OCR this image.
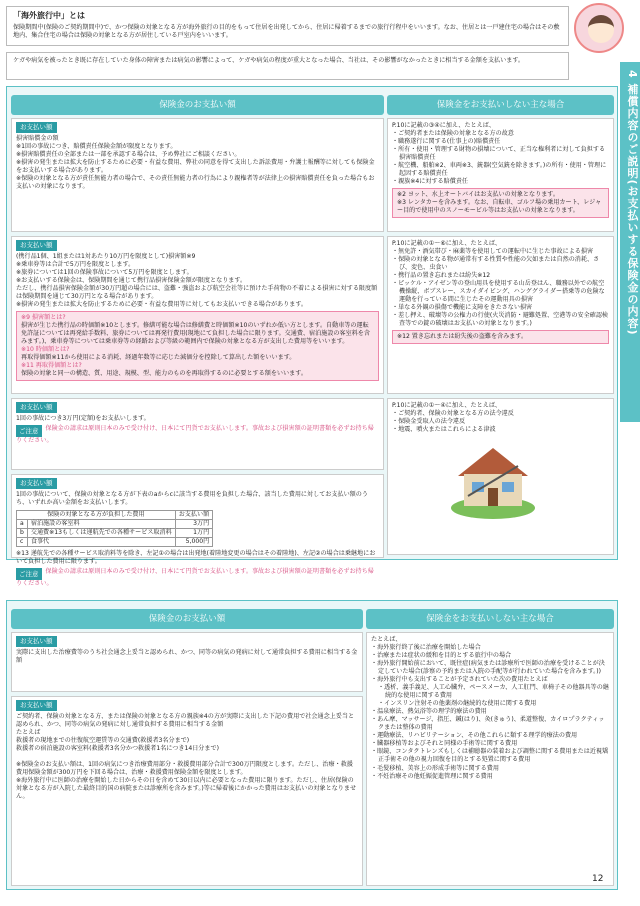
「海外旅行中」とは
保険期間中(保険のご契約期間中)で、かつ保険の対象となる方が海外旅行の目的をもって住居を出発してから、住居に帰着するまでの旅行行程中をいいます。なお、住居とは一戸建住宅の場合はその敷地内、集合住宅の場合は保険の対象となる方が居住している戸室内をいいます。
ケガや病気を被ったとき既に存在していた身体の障害または病気の影響によって、ケガや病気の程度が重大となった場合、当社は、その影響がなかったときに相当する金額を支払います。
4 補償内容のご説明(お支払いする保険金の内容)
保険金のお支払い額	保険金をお支払いしない主な場合
お支払い額
損害賠償金の額
※1回の事故につき、賠償責任保険金額が限度となります。
※損害賠償責任の全部または一部を承認する場合は、予め弊社にご相談ください。
※損害の発生または拡大を防止するために必要・有益な費用、弊社の同意を得て支出した訴訟費用・弁護士報酬等に対しても保険金をお支払いする場合があります。
※保険の対象となる方が責任無能力者の場合で、その責任無能力者の行為により親権者等が法律上の損害賠償責任を負った場合もお支払いの対象になります。
P.10に記載の③④に加え、たとえば、
・ご契約者または保険の対象となる方の故意
・職務遂行に関する(仕事上の)賠償責任
・所有・使用・管理する財物の損壊について、正当な権利者に対して負担する損害賠償責任
・航空機、船舶※2、車両※3、銃器(空気銃を除きます。)の所有・使用・管理に起因する賠償責任
・親族※4に対する賠償責任
※2 ヨット、水上オートバイはお支払いの対象となります。
※3 レンタカーを含みます。なお、自転車、ゴルフ場の乗用カート、レジャー目的で使用中のスノーモービル等はお支払いの対象となります。
お支払い額
(携行品1個、1組または1対あたり10万円を限度として)損害額※9
※乗車券等は合計で5万円を限度とします。
※旅券については1回の保険事故について5万円を限度とします。
※お支払いする保険金は、保険期間を通じて携行品損害保険金額が限度となります。
ただし、携行品損害保険金額が30万円超の場合には、盗難・強盗および航空会社等に預けた手荷物の不着による損害に対する限度額は保険期間を通じて30万円となる場合があります。
※損害の発生または拡大を防止するために必要・有益な費用等に対してもお支払いできる場合があります。
※9 損害額とは?
損害が生じた携行品の時価額※10とします。修繕可能な場合は修繕費と時価額※10のいずれか低い方とします。自動車等の運転免許証については再発給手数料、旅券については再発行費用(現地にて負担した場合に限ります。交通費、宿泊施設の客室料を含みます。)、乗車券等については乗車券等の経路および等級の範囲内で保険の対象となる方が支出した費用等をいいます。
※10 時価額とは?
再取得価額※11から使用による消耗、経過年数等に応じた減価分を控除して算出した額をいいます。
※11 再取得価額とは?
保険の対象と同一の構造、質、用途、規模、型、能力のものを再取得するのに必要とする額をいいます。
P.10に記載の①〜⑥に加え、たとえば、
・無免許・酒気帯び・麻薬等を使用しての運転中に生じた事故による損害
・保険の対象となる物が通常有する性質や性能の欠如または自然の消耗、さび、変色、虫食い
・携行品の置き忘れまたは紛失※12
・ピッケル・アイゼン等の登山用具を使用する山岳登はん、職務以外での航空機操縦、ボブスレー、スカイダイビング、ハンググライダー搭乗等の危険な運動を行っている間に生じたその運動用具の損害
・単なる外観の損傷で機能に支障をきたさない損害
・差し押え、破壊等の公権力の行使(火災消防・避難処置、空港等の安全確認検査等での錠の破壊はお支払いの対象となります。)
※12 置き忘れまたは紛失後の盗難を含みます。
お支払い額
1回の事故につき3万円(定額)をお支払いします。
ご注意 保険金の請求は原則日本のみで受け付け、日本にて円貨でお支払いします。事故および損害額の証明書類を必ずお持ち帰りください。
P.10に記載の①〜④に加え、たとえば、
・ご契約者、保険の対象となる方の法令違反
・保険金受取人の法令違反
・地震、噴火またはこれらによる津波
お支払い額
1回の事故について、保険の対象となる方が下表のaからcに該当する費用を負担した場合、該当した費用に対してお支払い額のうち、いずれか高い金額をお支払いします。
保険の対象となる方が負担した費用		お支払い額
a	宿泊施設の客室料	3万円
b	交通費※13もしくは递航先での各種サービス取消料	1万円
c	食事代	5,000円
※13 递航先での各種サービス取消料等を除き、左記①の場合は出発地(着陸地変更の場合はその着陸地)、左記②の場合は乗継地において負担した費用に限ります。
ご注意 保険金の請求は原則日本のみで受け付け、日本にて円貨でお支払いします。事故および損害額の証明書類を必ずお持ち帰りください。
保険金のお支払い額	保険金をお支払いしない主な場合
お支払い額
実際に支出した治療費等のうち社会通念上妥当と認められ、かつ、同等の病気の発病に対して通常負担する費用に相当する金額
お支払い額
ご契約者、保険の対象となる方、または保険の対象となる方の親族※4の方が実際に支出した下記の費用で社会通念上妥当と認められ、かつ、同等の病気の発病に対し通常負担する費用に相当する金額
たとえば
救援者の現地までの往復航空運賃等の交通費(救援者3名分まで)
救援者の宿泊施設の客室料(救援者3名分かつ救援者1名につき14日分まで)
※保険金のお支払い額は、1回の病気につき治療費用部分・救援費用部分合計で300万円限度とします。ただし、治療・救援費用保険金額が300万円を下回る場合は、治療・救援費用保険金額を限度とします。
※海外旅行中に医師の治療を開始した日からその日を含めて30日以内に必要となった費用に限ります。ただし、住居(保険の対象となる方が入院した最終目的国の病院または診療所を含みます。)等に帰着後にかかった費用はお支払いの対象となりません。
たとえば、
・海外旅行終了後に治療を開始した場合
・治療または症状の緩和を目的とする旅行中の場合
・海外旅行開始前において、既往症(病気または診療所で医師の治療を受けることが決定していた場合(診察の予約または入院の手配等が行われていた場合を含みます。))
・海外旅行中も支出することが予定されていた次の費用たとえば
・透析、義手義足、人工心臓弁、ペースメーカ、人工肛門、車椅子その他器具等の継続的な使用に関する費用
・インスリン注射その他薬剤の継続的な使用に関する費用
・温泉療法、熱気浴等の理学的療法の費用
・あん摩、マッサージ、指圧、鍼(はり)、灸(きゅう)、柔道整復、カイロプラクティックまたは整体の費用
・運動療法、リハビリテーション、その他これらに類する理学的療法の費用
・臓器移植等およびそれと同様の手術等に関する費用
・眼鏡、コンタクトレンズもしくは補聴器の装着および調整に関する費用または近視矯正手術その他の視力回復を目的とする処置に関する費用
・毛髪移植、美容上の形成手術等に関する費用
・不妊治療その他妊娠促進管理に関する費用
12
